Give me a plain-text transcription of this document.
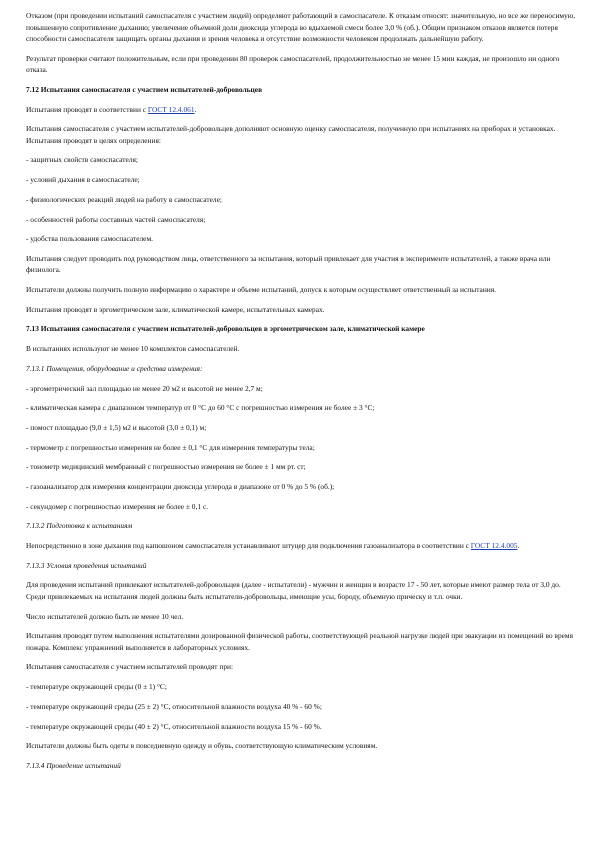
Отказом (при проведении испытаний самоспасателя с участием людей) определяют работающий в самоспасателе. К отказам относят: значительную, но все же переносимую, повышенную сопротивление дыханию; увеличение объемной доли диоксида углерода во вдыхаемой смеси более 3,0 % (об.). Общим признаком отказов является потеря способности самоспасателя защищать органы дыхания и зрения человека и отсутствие возможности человеком продолжать дальнейшую работу.

Результат проверки считают положительным, если при проведении 80 проверок самоспасателей, продолжительностью не менее 15 мин каждая, не произошло ни одного отказа.

7.12 Испытания самоспасателя с участием испытателей-добровольцев

Испытания проводят в соответствии с ГОСТ 12.4.061.

Испытания самоспасателя с участием испытателей-добровольцев дополняют основную оценку самоспасателя, полученную при испытаниях на приборах и установках. Испытания проводят в целях определения:

- защитных свойств самоспасателя;

- условий дыхания в самоспасателе;

- физиологических реакций людей на работу в самоспасателе;

- особенностей работы составных частей самоспасателя;

- удобства пользования самоспасателем.

Испытания следует проводить под руководством лица, ответственного за испытания, который привлекает для участия в эксперименте испытателей, а также врача или физиолога.

Испытатели должны получить полную информацию о характере и объеме испытаний, допуск к которым осуществляет ответственный за испытания.

Испытания проводят в эргометрическом зале, климатической камере, испытательных камерах.

7.13 Испытания самоспасателя с участием испытателей-добровольцев в эргометрическом зале, климатической камере

В испытаниях используют не менее 10 комплектов самоспасателей.

7.13.1 Помещения, оборудование и средства измерения:

- эргометрический зал площадью не менее 20 м2 и высотой не менее 2,7 м;

- климатическая камера с диапазоном температур от 0 °С до 60 °С с погрешностью измерения не более ± 3 °С;

- помост площадью (9,0 ± 1,5) м2 и высотой (3,0 ± 0,1) м;

- термометр с погрешностью измерения не более ± 0,1 °С для измерения температуры тела;

- тонометр медицинский мембранный с погрешностью измерения не более ± 1 мм рт. ст;

- газоанализатор для измерения концентрации диоксида углерода в диапазоне от 0 % до 5 % (об.);

- секундомер с погрешностью измерения не более ± 0,1 с.

7.13.2 Подготовка к испытаниям

Непосредственно в зоне дыхания под капюшоном самоспасателя устанавливают штуцер для подключения газоанализатора в соответствии с ГОСТ 12.4.005.

7.13.3 Условия проведения испытаний

Для проведения испытаний привлекают испытателей-добровольцев (далее - испытатели) - мужчин и женщин в возрасте 17 - 50 лет, которые имеют размер тела от 3,0 до. Среди привлекаемых на испытания людей должны быть испытатели-добровольцы, имеющие усы, бороду, объемную прическу и т.п. очки.

Число испытателей должно быть не менее 10 чел.

Испытания проводят путем выполнения испытателями дозированной физической работы, соответствующей реальной нагрузке людей при эвакуации из помещений во время пожара. Комплекс упражнений выполняется в лабораторных условиях.

Испытания самоспасателя с участием испытателей проводят при:

- температуре окружающей среды (0 ± 1) °С;

- температуре окружающей среды (25 ± 2) °С, относительной влажности воздуха 40 % - 60 %;

- температуре окружающей среды (40 ± 2) °С, относительной влажности воздуха 15 % - 60 %.

Испытатели должны быть одеты в повседневную одежду и обувь, соответствующую климатическим условиям.

7.13.4 Проведение испытаний
